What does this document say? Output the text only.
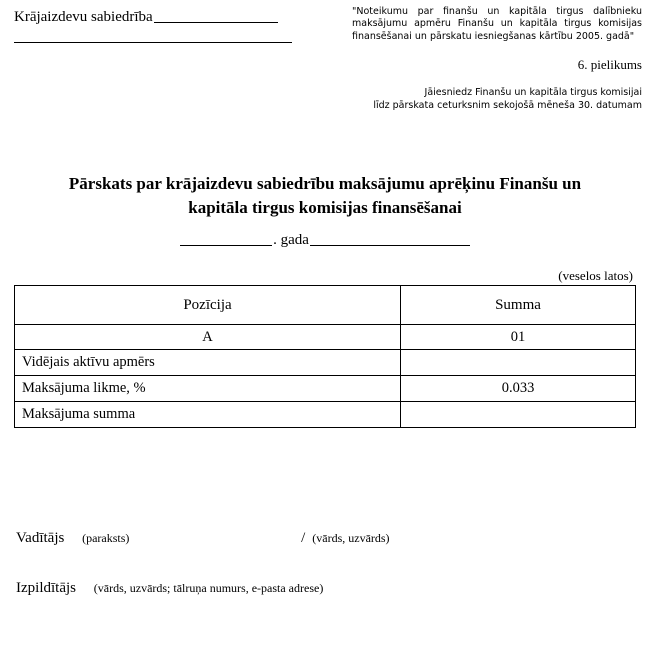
Krājaizdevu sabiedrība	"Noteikumu par finanšu un kapitāla tirgus dalībnieku maksājumu apmēru Finanšu un kapitāla tirgus komisijas finansēšanai un pārskatu iesniegšanas kārtību 2005. gadā"
6. pielikums
Jāiesniedz Finanšu un kapitāla tirgus komisijai
līdz pārskata ceturksnim sekojošā mēneša 30. datumam
Pārskats par krājaizdevu sabiedrību maksājumu aprēķinu Finanšu un
kapitāla tirgus komisijas finansēšanai
. gada
(veselos latos)
Pozīcija	Summa
A	01
Vidējais aktīvu apmērs	
Maksājuma likme, %	0.033
Maksājuma summa	
Vadītājs (paraksts)	/ (vārds, uzvārds)
Izpildītājs (vārds, uzvārds; tālruņa numurs, e-pasta adrese)
